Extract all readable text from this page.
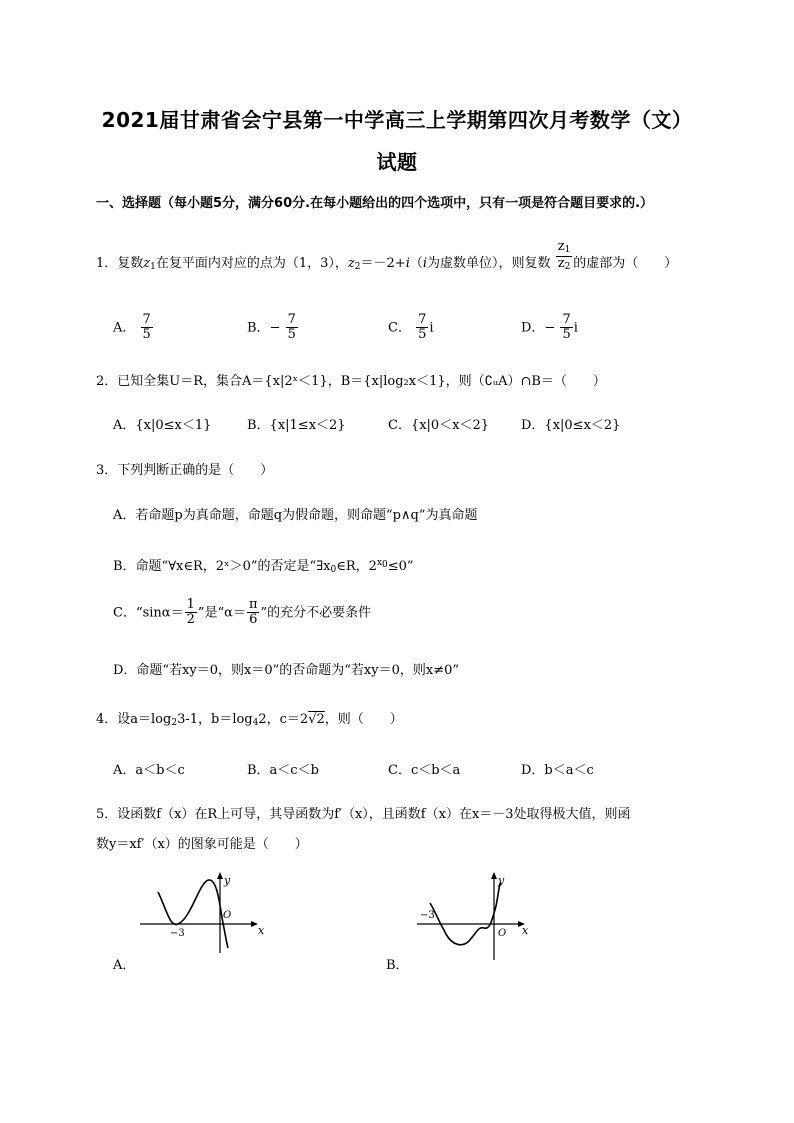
2021届甘肃省会宁县第一中学高三上学期第四次月考数学（文）
试题
一、选择题（每小题5分，满分60分.在每小题给出的四个选项中，只有一项是符合题目要求的.）
1．复数$z_1$在复平面内对应的点为（1，3），$z_2=-2+i(i$为虚数单位），则复数 $\frac{z_1}{z_2}$ 的虚部为（　　）
A． $\frac{7}{5}$	B．− $\frac{7}{5}$	C． $\frac{7}{5}$ i	D．− $\frac{7}{5}$ i
2．已知全集U＝R，集合A＝{x|2ˣ＜1}，B＝{x|log₂x＜1}，则（∁ᵤA）∩B＝（　　）
A．{x|0≤x＜1}	B．{x|1≤x＜2}	C．{x|0＜x＜2} D．{x|0≤x＜2}
3．下列判断正确的是（　　）
A．若命题p为真命题，命题q为假命题，则命题“p∧q”为真命题
B．命题“∀x∈R，2ˣ＞0”的否定是“$\exists x_0\in R$，$2^{x0}\le 0$”
C．“$\sin\alpha= \frac{1}{2}$ ”是“$\alpha= \frac{\pi}{6}$ ”的充分不必要条件
D．命题“若xy＝0，则x＝0”的否命题为“若xy＝0，则x≠0”
4．设$a=\log_23-1$，$b=\log_42$，c＝2√2，则（　　）
A．a＜b＜c	B．a＜c＜b	C．c＜b＜a	D．b＜a＜c
5．设函数f（x）在R上可导，其导函数为f′（x），且函数f（x）在x＝－3处取得极大值，则函
数y＝xf′（x）的图象可能是（　　）
y
x
O
−3
A．
y
x
O
−3
B．
